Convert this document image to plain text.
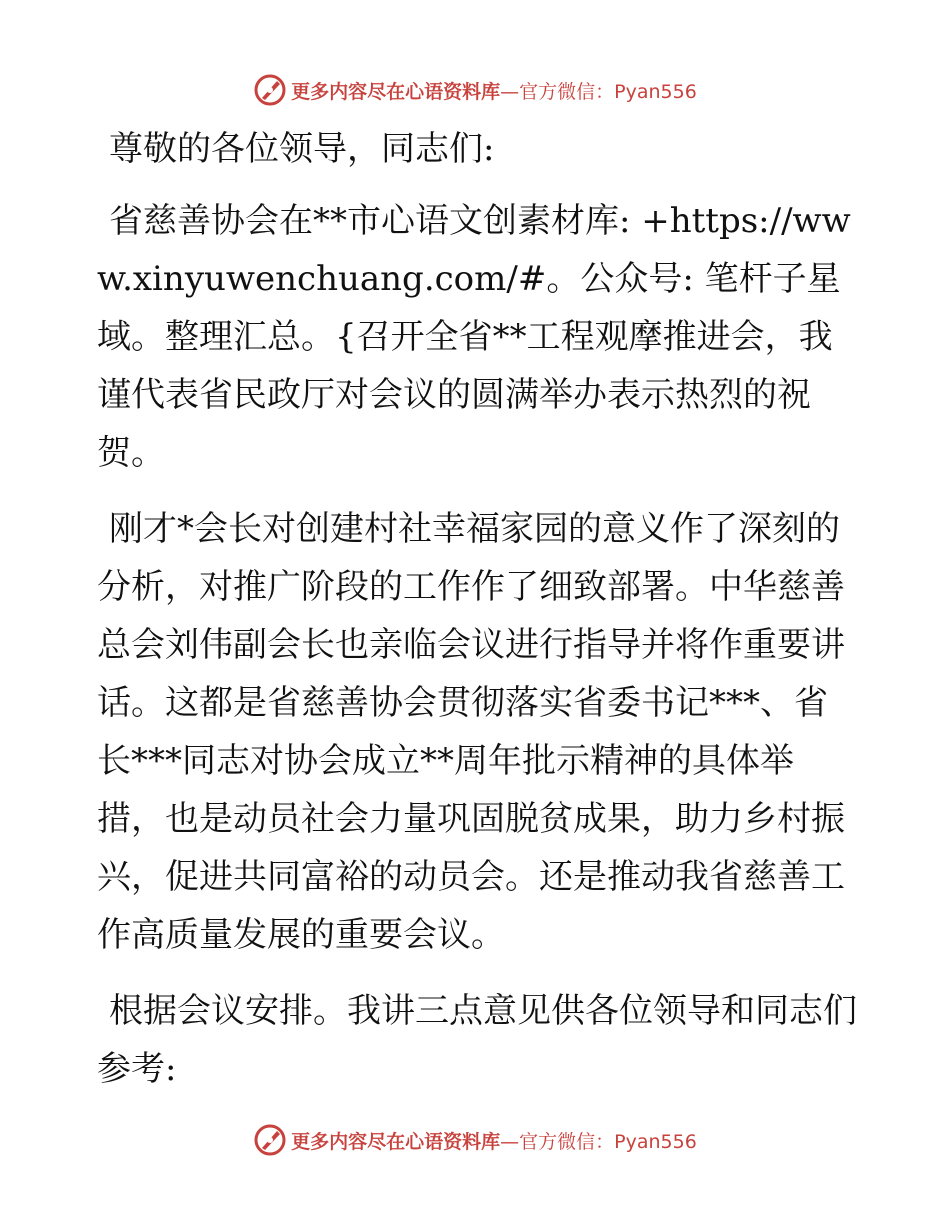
更多内容尽在心语资料库—官方微信：Pyan556

尊敬的各位领导，同志们:

省慈善协会在**市心语文创素材库: +https://www.xinyuwenchuang.com/#。公众号: 笔杆子星域。整理汇总。{召开全省**工程观摩推进会，我谨代表省民政厅对会议的圆满举办表示热烈的祝贺。

刚才*会长对创建村社幸福家园的意义作了深刻的分析，对推广阶段的工作作了细致部署。中华慈善总会刘伟副会长也亲临会议进行指导并将作重要讲话。这都是省慈善协会贯彻落实省委书记***、省长***同志对协会成立**周年批示精神的具体举措，也是动员社会力量巩固脱贫成果，助力乡村振兴，促进共同富裕的动员会。还是推动我省慈善工作高质量发展的重要会议。

根据会议安排。我讲三点意见供各位领导和同志们参考:

更多内容尽在心语资料库—官方微信：Pyan556
